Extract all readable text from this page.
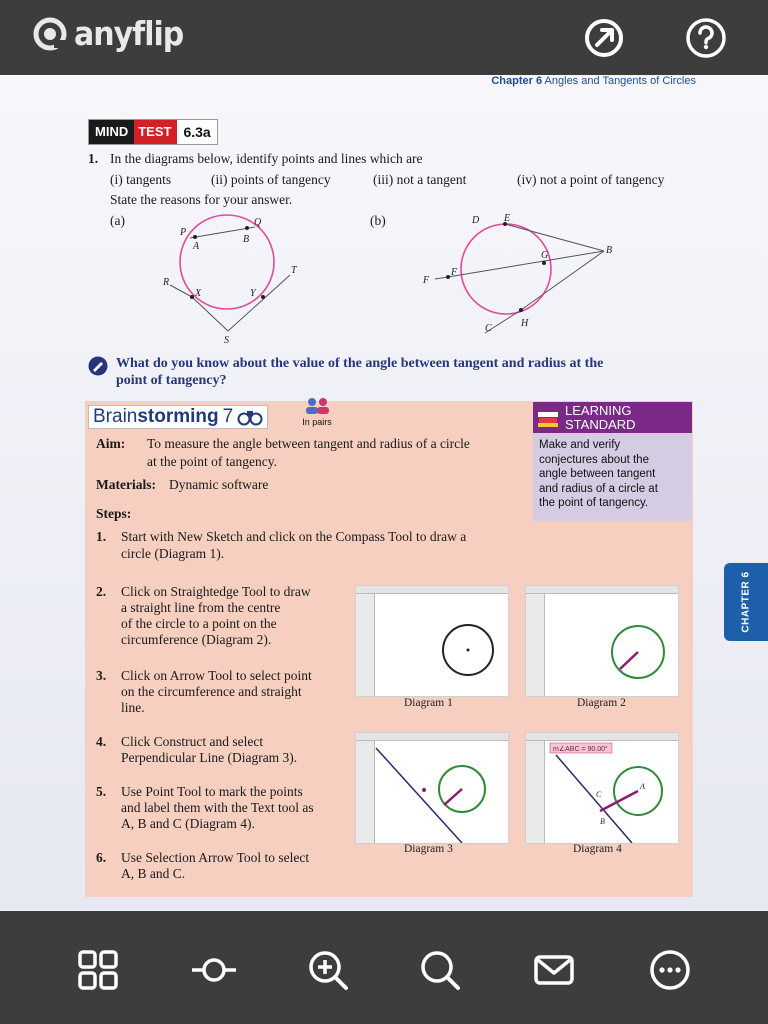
anyflip
Chapter 6 Angles and Tangents of Circles
MIND TEST 6.3a
1. In the diagrams below, identify points and lines which are
(i) tangents	(ii) points of tangency	(iii) not a tangent	(iv) not a point of tangency
State the reasons for your answer.
(a)	(b)
P
Q
A
B
R
T
X	Y
S
D E
G	B
F
F
H
C
What do you know about the value of the angle between tangent and radius at the
point of tangency?
Brainstorming 7	In pairs
LEARNING
STANDARD
Make and verify
conjectures about the
angle between tangent
and radius of a circle at
the point of tangency.
Aim: To measure the angle between tangent and radius of a circle
at the point of tangency.
Materials: Dynamic software
Steps:
1. Start with New Sketch and click on the Compass Tool to draw a
circle (Diagram 1).
2. Click on Straightedge Tool to draw
a straight line from the centre
of the circle to a point on the
circumference (Diagram 2).
3. Click on Arrow Tool to select point
on the circumference and straight
line.
4. Click Construct and select
Perpendicular Line (Diagram 3).
5. Use Point Tool to mark the points
and label them with the Text tool as
A, B and C (Diagram 4).
6. Use Selection Arrow Tool to select
A, B and C.
Diagram 1	Diagram 2
Diagram 3
m∠ABC = 90.00°
A
B
C
Diagram 4
CHAPTER 6
